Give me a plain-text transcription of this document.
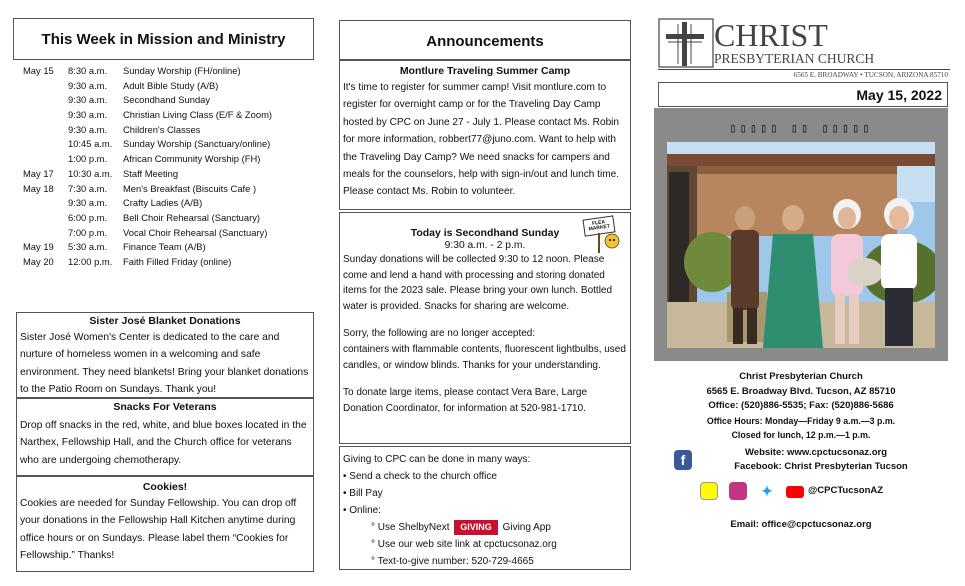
This Week in Mission and Ministry
May 15	8:30 a.m.	Sunday Worship (FH/online)
9:30 a.m.	Adult Bible Study (A/B)
9:30 a.m.	Secondhand Sunday
9:30 a.m.	Christian Living Class (E/F & Zoom)
9:30 a.m.	Children's Classes
10:45 a.m.	Sunday Worship (Sanctuary/online)
1:00 p.m.	African Community Worship (FH)
May 17	10:30 a.m.	Staff Meeting
May 18	7:30 a.m.	Men's Breakfast (Biscuits Cafe )
9:30 a.m.	Crafty Ladies (A/B)
6:00 p.m.	Bell Choir Rehearsal (Sanctuary)
7:00 p.m.	Vocal Choir Rehearsal (Sanctuary)
May 19	5:30 a.m.	Finance Team (A/B)
May 20	12:00 p.m.	Faith Filled Friday (online)
Sister José Blanket Donations
Sister José Women's Center is dedicated to the care and nurture of homeless women in a welcoming and safe environment. They need blankets! Bring your blanket donations to the Patio Room on Sundays. Thank you!
Snacks For Veterans
Drop off snacks in the red, white, and blue boxes located in the Narthex, Fellowship Hall, and the Church office for veterans who are undergoing chemotherapy.
Cookies!
Cookies are needed for Sunday Fellowship. You can drop off your donations in the Fellowship Hall Kitchen anytime during office hours or on Sundays. Please label them “Cookies for Fellowship.” Thanks!
Announcements
Montlure Traveling Summer Camp
It's time to register for summer camp! Visit montlure.com to register for overnight camp or for the Traveling Day Camp hosted by CPC on June 27 - July 1. Please contact Ms. Robin for more information, robbert77@juno.com. Want to help with the Traveling Day Camp? We need snacks for campers and meals for the counselors, help with sign-in/out and lunch time. Please contact Ms. Robin to volunteer.
FLEA MARKET
Today is Secondhand Sunday
9:30 a.m. - 2 p.m.
Sunday donations will be collected 9:30 to 12 noon. Please come and lend a hand with processing and storing donated items for the 2023 sale. Please bring your own lunch. Bottled water is provided. Snacks for sharing are welcome.
Sorry, the following are no longer accepted:
containers with flammable contents, fluorescent lightbulbs, used candles, or window blinds. Thanks for your understanding.
To donate large items, please contact Vera Bare, Large Donation Coordinator, for information at 520-981-1710.
Giving to CPC can be done in many ways:
• Send a check to the church office
• Bill Pay
• Online:
° Use ShelbyNext GIVING Giving App
° Use our web site link at cpctucsonaz.org
° Text-to-give number: 520-729-4665
CHRIST
PRESBYTERIAN CHURCH
6565 E. BROADWAY • TUCSON, ARIZONA 85710
May 15, 2022
▯▯▯▯▯ ▯▯ ▯▯▯▯▯
Christ Presbyterian Church
6565 E. Broadway Blvd. Tucson, AZ 85710
Office: (520)886-5535; Fax: (520)886-5686
Office Hours: Monday—Friday 9 a.m.—3 p.m.
Closed for lunch, 12 p.m.—1 p.m.
Website: www.cpctucsonaz.org
f	Facebook: Christ Presbyterian Tucson
✦	@CPCTucsonAZ
Email: office@cpctucsonaz.org
